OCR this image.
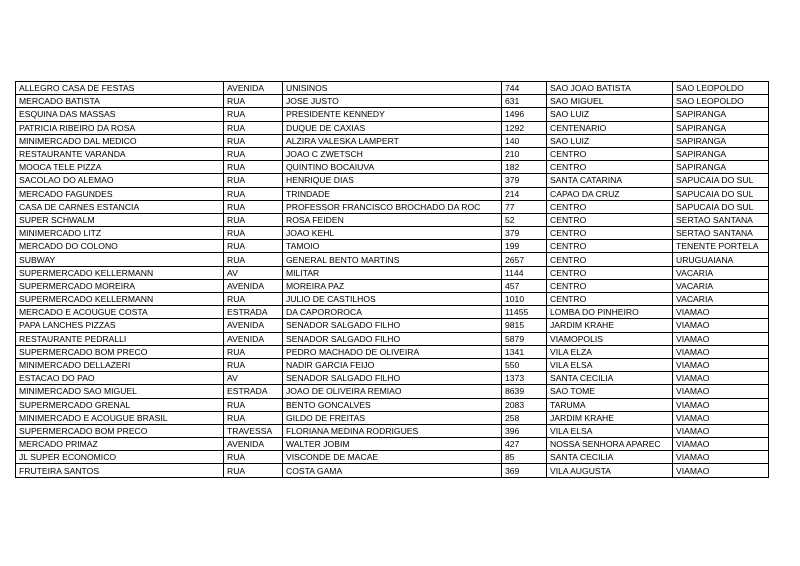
ALLEGRO CASA DE FESTAS	AVENIDA	UNISINOS	744	SAO JOAO BATISTA	SAO LEOPOLDO
MERCADO BATISTA	RUA	JOSE JUSTO	631	SAO MIGUEL	SAO LEOPOLDO
ESQUINA DAS MASSAS	RUA	PRESIDENTE KENNEDY	1496	SAO LUIZ	SAPIRANGA
PATRICIA RIBEIRO DA ROSA	RUA	DUQUE DE CAXIAS	1292	CENTENARIO	SAPIRANGA
MINIMERCADO DAL MEDICO	RUA	ALZIRA VALESKA LAMPERT	140	SAO LUIZ	SAPIRANGA
RESTAURANTE VARANDA	RUA	JOAO C ZWETSCH	210	CENTRO	SAPIRANGA
MOOCA TELE PIZZA	RUA	QUINTINO BOCAIUVA	182	CENTRO	SAPIRANGA
SACOLAO DO ALEMAO	RUA	HENRIQUE DIAS	379	SANTA CATARINA	SAPUCAIA DO SUL
MERCADO FAGUNDES	RUA	TRINDADE	214	CAPAO DA CRUZ	SAPUCAIA DO SUL
CASA DE CARNES ESTANCIA	RUA	PROFESSOR FRANCISCO BROCHADO DA ROC	77	CENTRO	SAPUCAIA DO SUL
SUPER SCHWALM	RUA	ROSA FEIDEN	52	CENTRO	SERTAO SANTANA
MINIMERCADO LITZ	RUA	JOAO KEHL	379	CENTRO	SERTAO SANTANA
MERCADO DO COLONO	RUA	TAMOIO	199	CENTRO	TENENTE PORTELA
SUBWAY	RUA	GENERAL BENTO MARTINS	2657	CENTRO	URUGUAIANA
SUPERMERCADO KELLERMANN	AV	MILITAR	1144	CENTRO	VACARIA
SUPERMERCADO MOREIRA	AVENIDA	MOREIRA PAZ	457	CENTRO	VACARIA
SUPERMERCADO KELLERMANN	RUA	JULIO DE CASTILHOS	1010	CENTRO	VACARIA
MERCADO E ACOUGUE COSTA	ESTRADA	DA CAPOROROCA	11455	LOMBA DO PINHEIRO	VIAMAO
PAPA LANCHES PIZZAS	AVENIDA	SENADOR SALGADO FILHO	9815	JARDIM KRAHE	VIAMAO
RESTAURANTE PEDRALLI	AVENIDA	SENADOR SALGADO FILHO	5879	VIAMOPOLIS	VIAMAO
SUPERMERCADO BOM PRECO	RUA	PEDRO MACHADO DE OLIVEIRA	1341	VILA ELZA	VIAMAO
MINIMERCADO DELLAZERI	RUA	NADIR GARCIA FEIJO	550	VILA ELSA	VIAMAO
ESTACAO DO PAO	AV	SENADOR SALGADO FILHO	1373	SANTA CECILIA	VIAMAO
MINIMERCADO SAO MIGUEL	ESTRADA	JOAO DE OLIVEIRA REMIAO	8639	SAO TOME	VIAMAO
SUPERMERCADO GRENAL	RUA	BENTO GONCALVES	2083	TARUMA	VIAMAO
MINIMERCADO E ACOUGUE BRASIL	RUA	GILDO DE FREITAS	258	JARDIM KRAHE	VIAMAO
SUPERMERCADO BOM PRECO	TRAVESSA	FLORIANA MEDINA RODRIGUES	396	VILA ELSA	VIAMAO
MERCADO PRIMAZ	AVENIDA	WALTER JOBIM	427	NOSSA SENHORA APAREC	VIAMAO
JL SUPER ECONOMICO	RUA	VISCONDE DE MACAE	85	SANTA CECILIA	VIAMAO
FRUTEIRA SANTOS	RUA	COSTA GAMA	369	VILA AUGUSTA	VIAMAO
